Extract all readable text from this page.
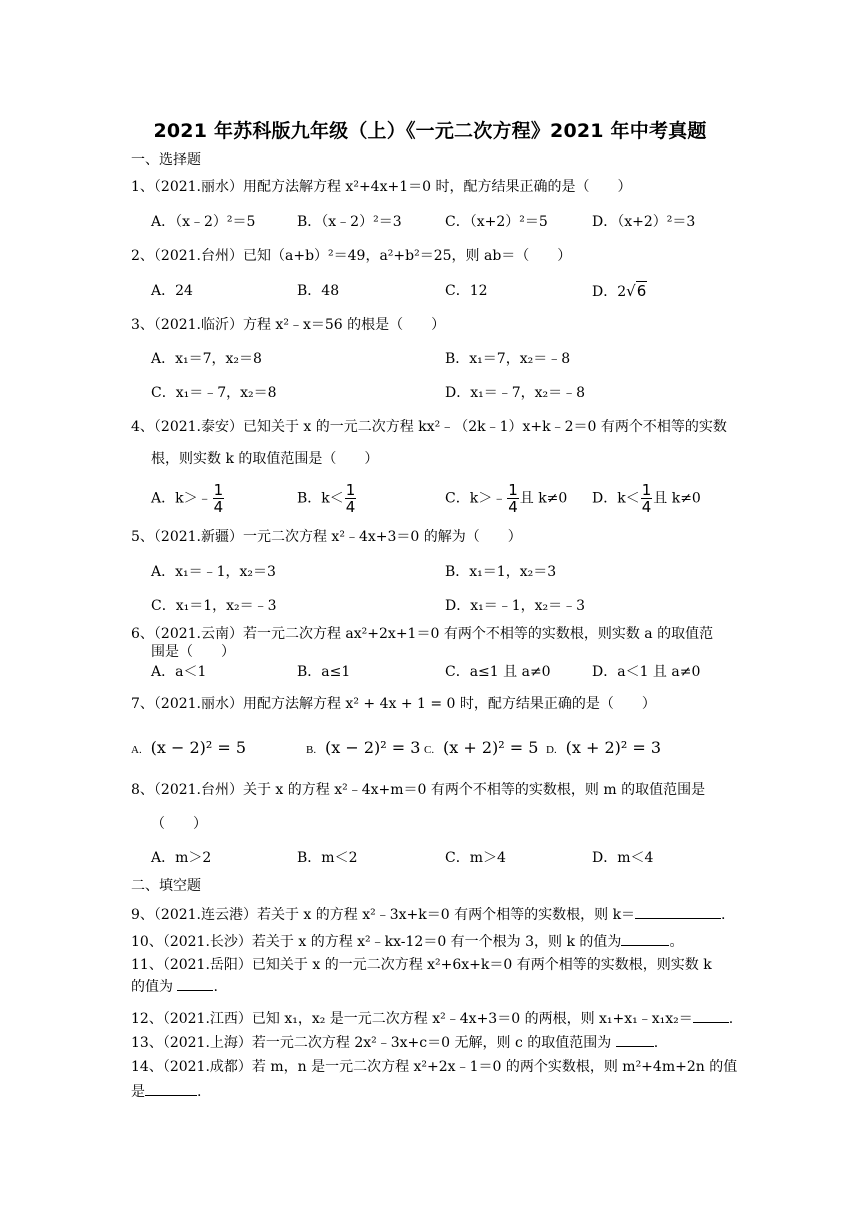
2021 年苏科版九年级（上）《一元二次方程》2021 年中考真题
一、选择题
1、（2021.丽水）用配方法解方程 x²+4x+1＝0 时，配方结果正确的是（　　）
A．（x﹣2）²＝5	B．（x﹣2）²＝3	C．（x+2）²＝5	D．（x+2）²＝3
2、（2021.台州）已知（a+b）²＝49，a²+b²＝25，则 ab＝（　　）
A．24	B．48	C．12	D．2√6
3、（2021.临沂）方程 x²﹣x＝56 的根是（　　）
A．x₁＝7，x₂＝8	B．x₁＝7，x₂＝﹣8
C．x₁＝﹣7，x₂＝8	D．x₁＝﹣7，x₂＝﹣8
4、（2021.泰安）已知关于 x 的一元二次方程 kx²﹣（2k﹣1）x+k﹣2＝0 有两个不相等的实数
根，则实数 k 的取值范围是（　　）
A．k＞﹣ $\frac{1}{4}$	B．$k< \frac{1}{4}$	C．k＞﹣ $\frac{1}{4}$ 且 k≠0 D．$k< \frac{1}{4}$ 且 k≠0
5、（2021.新疆）一元二次方程 x²﹣4x+3＝0 的解为（　　）
A．x₁＝﹣1，x₂＝3	B．x₁＝1，x₂＝3
C．x₁＝1，x₂＝﹣3	D．x₁＝﹣1，x₂＝﹣3
6、（2021.云南）若一元二次方程 ax²+2x+1＝0 有两个不相等的实数根，则实数 a 的取值范
围是（　　）
A．a＜1	B．a≤1	C．a≤1 且 a≠0	D．a＜1 且 a≠0
7、（2021.丽水）用配方法解方程 x² + 4x + 1 = 0 时，配方结果正确的是（　　）
A. (x − 2)² = 5	B. (x − 2)² = 3 C. (x + 2)² = 5 D. (x + 2)² = 3
8、（2021.台州）关于 x 的方程 x²﹣4x+m＝0 有两个不相等的实数根，则 m 的取值范围是
（　　）
A．m＞2	B．m＜2	C．m＞4	D．m＜4
二、填空题
9、（2021.连云港）若关于 x 的方程 x²﹣3x+k＝0 有两个相等的实数根，则 k＝	.
10、（2021.长沙）若关于 x 的方程 x²﹣kx-12＝0 有一个根为 3，则 k 的值为	。
11、（2021.岳阳）已知关于 x 的一元二次方程 x²+6x+k＝0 有两个相等的实数根，则实数 k
的值为	.
12、（2021.江西）已知 x₁，x₂ 是一元二次方程 x²﹣4x+3＝0 的两根，则 x₁+x₁﹣x₁x₂＝	.
13、（2021.上海）若一元二次方程 2x²﹣3x+c＝0 无解，则 c 的取值范围为	.
14、（2021.成都）若 m，n 是一元二次方程 x²+2x﹣1＝0 的两个实数根，则 m²+4m+2n 的值
是	.
